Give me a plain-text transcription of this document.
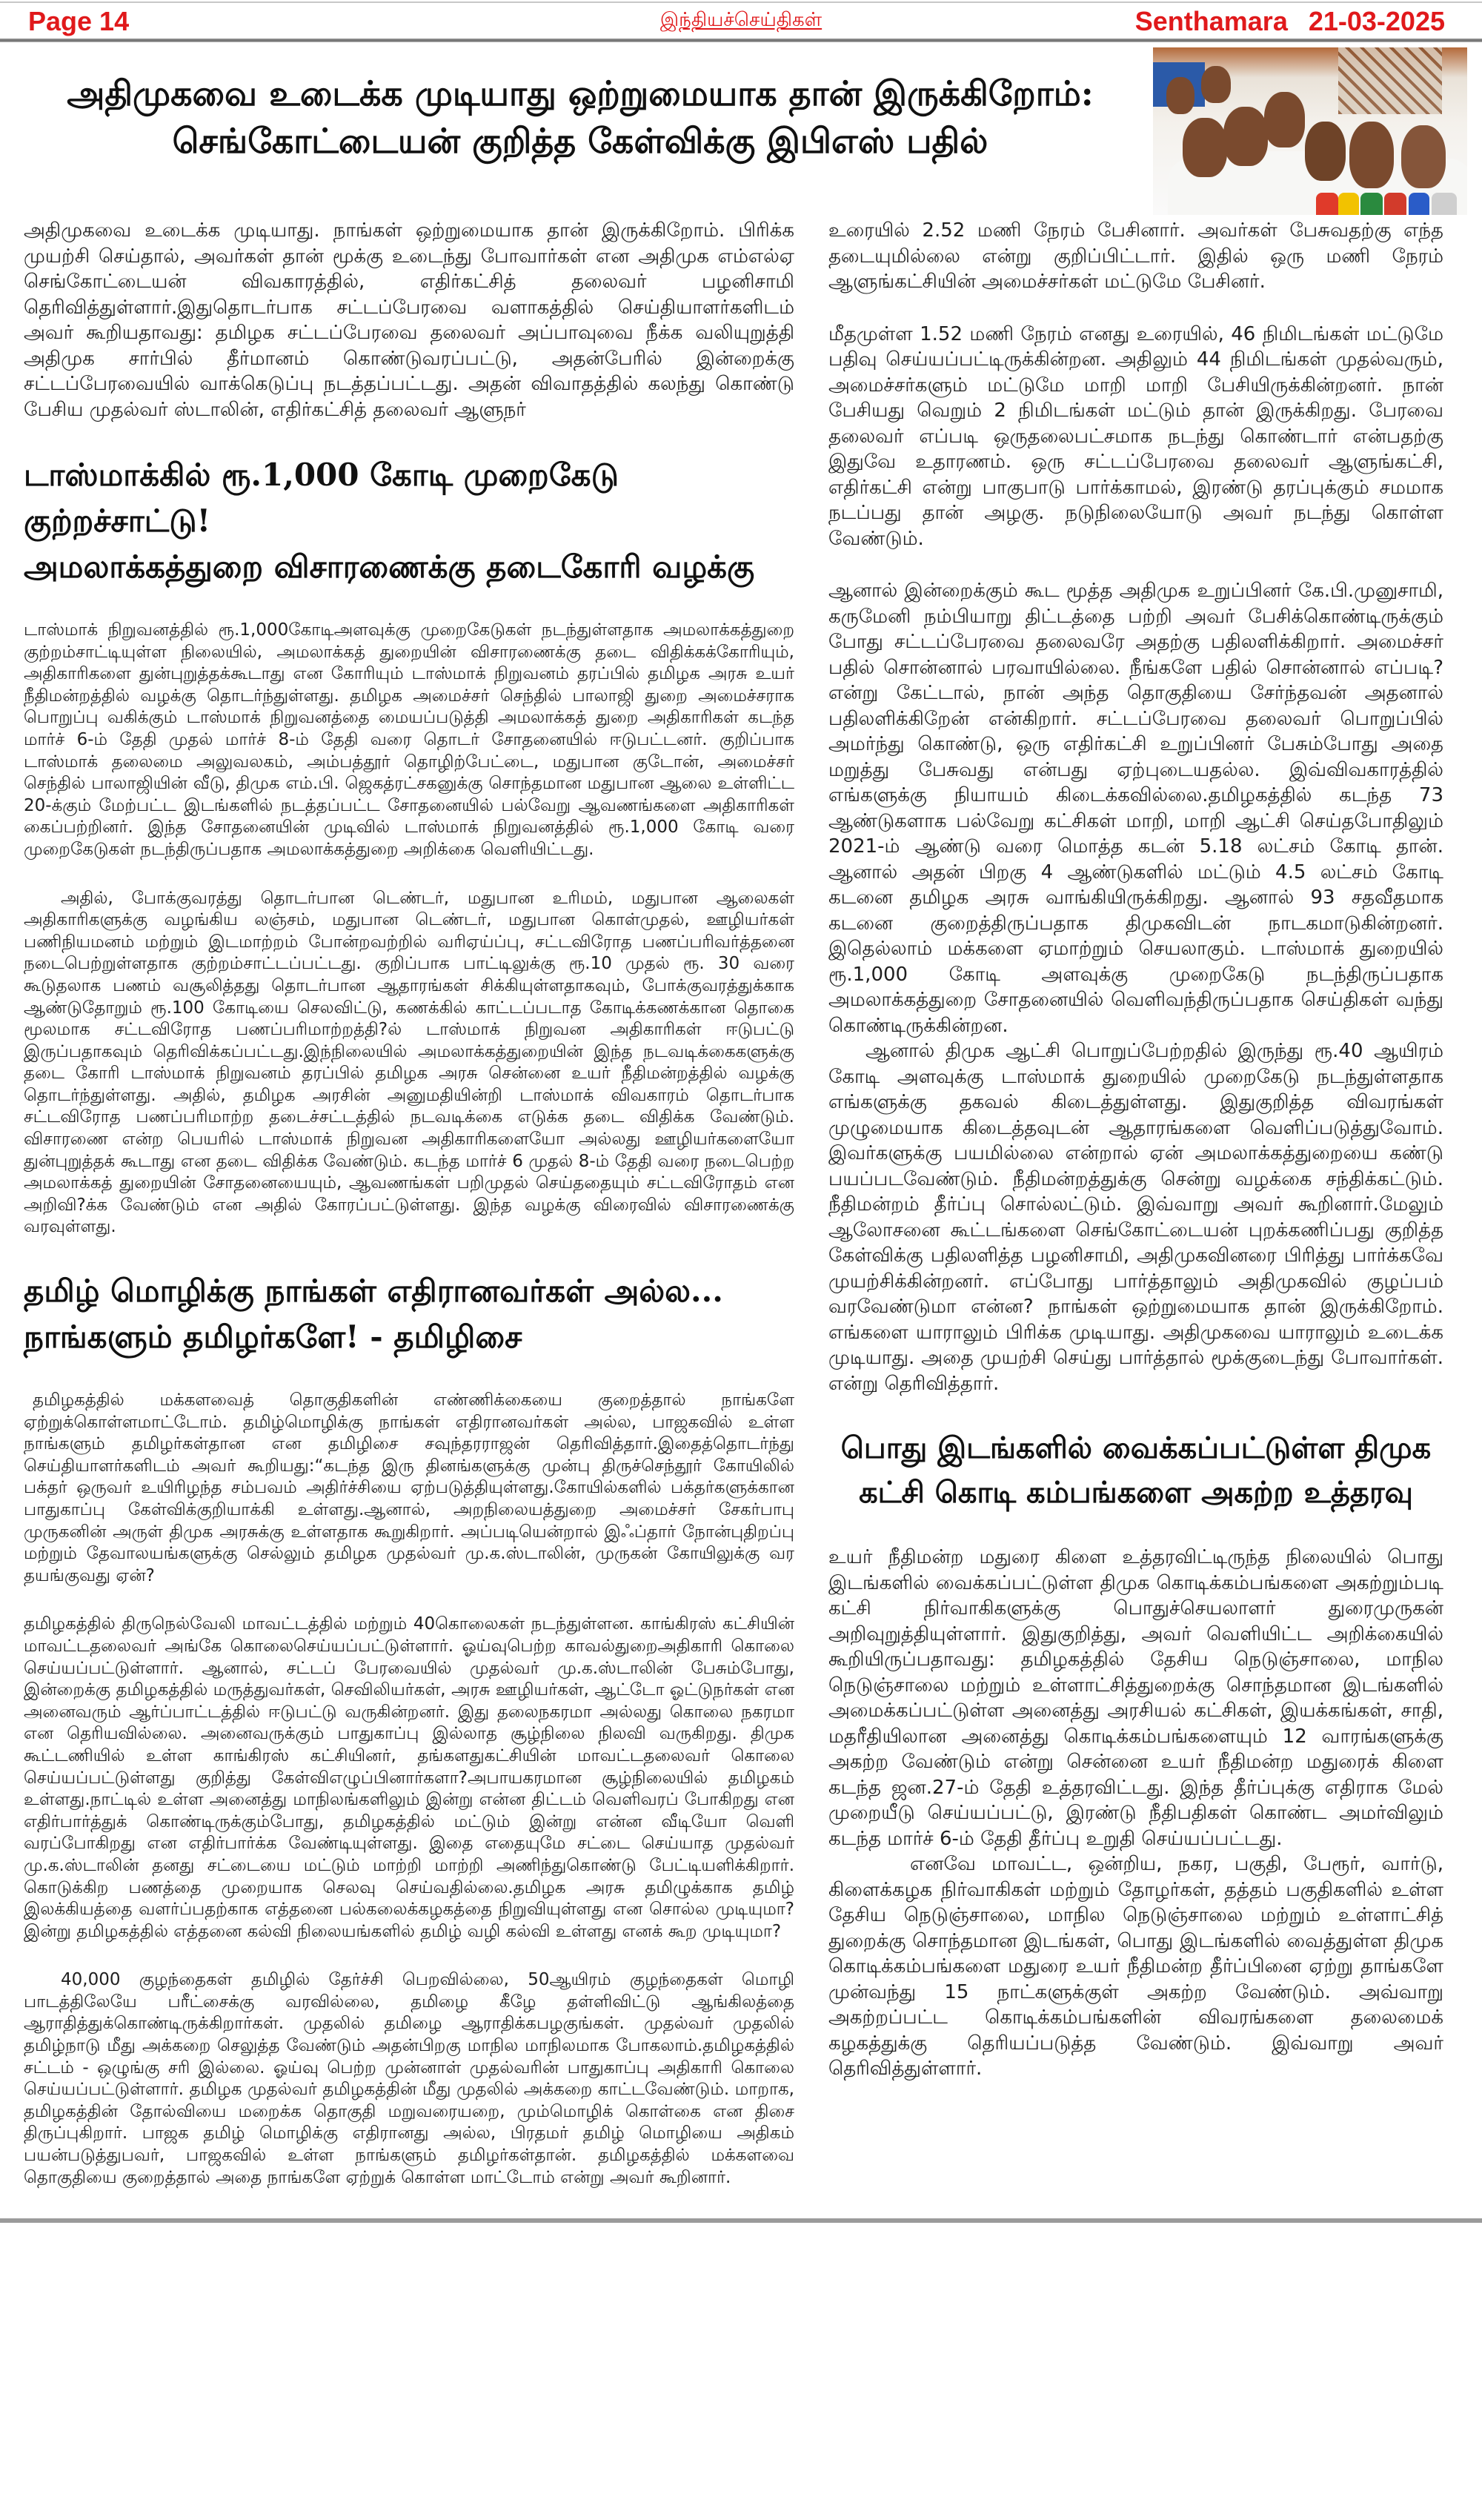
Page 14	இந்தியச்செய்திகள்	Senthamara 21-03-2025
அதிமுகவை உடைக்க முடியாது ஒற்றுமையாக தான் இருக்கிறோம்:
செங்கோட்டையன் குறித்த கேள்விக்கு இபிஎஸ் பதில்

அதிமுகவை உடைக்க முடியாது. நாங்கள் ஒற்றுமையாக தான் இருக்கிறோம். பிரிக்க முயற்சி செய்தால், அவர்கள் தான் மூக்கு உடைந்து போவார்கள் என அதிமுக எம்எல்ஏ செங்கோட்டையன் விவகாரத்தில், எதிர்கட்சித் தலைவர் பழனிசாமி தெரிவித்துள்ளார்.இதுதொடர்பாக சட்டப்பேரவை வளாகத்தில் செய்தியாளர்களிடம் அவர் கூறியதாவது: தமிழக சட்டப்பேரவை தலைவர் அப்பாவுவை நீக்க வலியுறுத்தி அதிமுக சார்பில் தீர்மானம் கொண்டுவரப்பட்டு, அதன்பேரில் இன்றைக்கு சட்டப்பேரவையில் வாக்கெடுப்பு நடத்தப்பட்டது. அதன் விவாதத்தில் கலந்து கொண்டு பேசிய முதல்வர் ஸ்டாலின், எதிர்கட்சித் தலைவர் ஆளுநர்

டாஸ்மாக்கில் ரூ.1,000 கோடி முறைகேடு குற்றச்சாட்டு!
அமலாக்கத்துறை விசாரணைக்கு தடைகோரி வழக்கு

டாஸ்மாக் நிறுவனத்தில் ரூ.1,000கோடிஅளவுக்கு முறைகேடுகள் நடந்துள்ளதாக அமலாக்கத்துறை குற்றம்சாட்டியுள்ள நிலையில், அமலாக்கத் துறையின் விசாரணைக்கு தடை விதிக்கக்கோரியும், அதிகாரிகளை துன்புறுத்தக்கூடாது என கோரியும் டாஸ்மாக் நிறுவனம் தரப்பில் தமிழக அரசு உயர் நீதிமன்றத்தில் வழக்கு தொடர்ந்துள்ளது. தமிழக அமைச்சர் செந்தில் பாலாஜி துறை அமைச்சராக பொறுப்பு வகிக்கும் டாஸ்மாக் நிறுவனத்தை மையப்படுத்தி அமலாக்கத் துறை அதிகாரிகள் கடந்த மார்ச் 6-ம் தேதி முதல் மார்ச் 8-ம் தேதி வரை தொடர் சோதனையில் ஈடுபட்டனர். குறிப்பாக டாஸ்மாக் தலைமை அலுவலகம், அம்பத்தூர் தொழிற்பேட்டை, மதுபான குடோன், அமைச்சர் செந்தில் பாலாஜியின் வீடு, திமுக எம்.பி. ஜெகத்ரட்சகனுக்கு சொந்தமான மதுபான ஆலை உள்ளிட்ட 20-க்கும் மேற்பட்ட இடங்களில் நடத்தப்பட்ட சோதனையில் பல்வேறு ஆவணங்களை அதிகாரிகள் கைப்பற்றினர். இந்த சோதனையின் முடிவில் டாஸ்மாக் நிறுவனத்தில் ரூ.1,000 கோடி வரை முறைகேடுகள் நடந்திருப்பதாக அமலாக்கத்துறை அறிக்கை வெளியிட்டது.

அதில், போக்குவரத்து தொடர்பான டெண்டர், மதுபான உரிமம், மதுபான ஆலைகள் அதிகாரிகளுக்கு வழங்கிய லஞ்சம், மதுபான டெண்டர், மதுபான கொள்முதல், ஊழியர்கள் பணிநியமனம் மற்றும் இடமாற்றம் போன்றவற்றில் வரிஏய்ப்பு, சட்டவிரோத பணப்பரிவர்த்தனை நடைபெற்றுள்ளதாக குற்றம்சாட்டப்பட்டது. குறிப்பாக பாட்டிலுக்கு ரூ.10 முதல் ரூ. 30 வரை கூடுதலாக பணம் வசூலித்தது தொடர்பான ஆதாரங்கள் சிக்கியுள்ளதாகவும், போக்குவரத்துக்காக ஆண்டுதோறும் ரூ.100 கோடியை செலவிட்டு, கணக்கில் காட்டப்படாத கோடிக்கணக்கான தொகை மூலமாக சட்டவிரோத பணப்பரிமாற்றத்தி?ல் டாஸ்மாக் நிறுவன அதிகாரிகள் ஈடுபட்டு இருப்பதாகவும் தெரிவிக்கப்பட்டது.இந்நிலையில் அமலாக்கத்துறையின் இந்த நடவடிக்கைகளுக்கு தடை கோரி டாஸ்மாக் நிறுவனம் தரப்பில் தமிழக அரசு சென்னை உயர் நீதிமன்றத்தில் வழக்கு தொடர்ந்துள்ளது. அதில், தமிழக அரசின் அனுமதியின்றி டாஸ்மாக் விவகாரம் தொடர்பாக சட்டவிரோத பணப்பரிமாற்ற தடைச்சட்டத்தில் நடவடிக்கை எடுக்க தடை விதிக்க வேண்டும். விசாரணை என்ற பெயரில் டாஸ்மாக் நிறுவன அதிகாரிகளையோ அல்லது ஊழியர்களையோ துன்புறுத்தக் கூடாது என தடை விதிக்க வேண்டும். கடந்த மார்ச் 6 முதல் 8-ம் தேதி வரை நடைபெற்ற அமலாக்கத் துறையின் சோதனையையும், ஆவணங்கள் பறிமுதல் செய்ததையும் சட்டவிரோதம் என அறிவி?க்க வேண்டும் என அதில் கோரப்பட்டுள்ளது. இந்த வழக்கு விரைவில் விசாரணைக்கு வரவுள்ளது.

தமிழ் மொழிக்கு நாங்கள் எதிரானவர்கள் அல்ல...
நாங்களும் தமிழர்களே! - தமிழிசை

தமிழகத்தில் மக்களவைத் தொகுதிகளின் எண்ணிக்கையை குறைத்தால் நாங்களே ஏற்றுக்கொள்ளமாட்டோம். தமிழ்மொழிக்கு நாங்கள் எதிரானவர்கள் அல்ல, பாஜகவில் உள்ள நாங்களும் தமிழர்கள்தான என தமிழிசை சவுந்தரராஜன் தெரிவித்தார்.இதைத்தொடர்ந்து செய்தியாளர்களிடம் அவர் கூறியது:“கடந்த இரு தினங்களுக்கு முன்பு திருச்செந்தூர் கோயிலில் பக்தர் ஒருவர் உயிரிழந்த சம்பவம் அதிர்ச்சியை ஏற்படுத்தியுள்ளது.கோயில்களில் பக்தர்களுக்கான பாதுகாப்பு கேள்விக்குறியாக்கி உள்ளது.ஆனால், அறநிலையத்துறை அமைச்சர் சேகர்பாபு முருகனின் அருள் திமுக அரசுக்கு உள்ளதாக கூறுகிறார். அப்படியென்றால் இஃப்தார் நோன்புதிறப்பு மற்றும் தேவாலயங்களுக்கு செல்லும் தமிழக முதல்வர் மு.க.ஸ்டாலின், முருகன் கோயிலுக்கு வர தயங்குவது ஏன்?

தமிழகத்தில் திருநெல்வேலி மாவட்டத்தில் மற்றும் 40கொலைகள் நடந்துள்ளன. காங்கிரஸ் கட்சியின் மாவட்டதலைவர் அங்கே கொலைசெய்யப்பட்டுள்ளார். ஓய்வுபெற்ற காவல்துறைஅதிகாரி கொலை செய்யப்பட்டுள்ளார். ஆனால், சட்டப் பேரவையில் முதல்வர் மு.க.ஸ்டாலின் பேசும்போது, இன்றைக்கு தமிழகத்தில் மருத்துவர்கள், செவிலியர்கள், அரசு ஊழியர்கள், ஆட்டோ ஓட்டுநர்கள் என அனைவரும் ஆர்ப்பாட்டத்தில் ஈடுபட்டு வருகின்றனர். இது தலைநகரமா அல்லது கொலை நகரமா என தெரியவில்லை. அனைவருக்கும் பாதுகாப்பு இல்லாத சூழ்நிலை நிலவி வருகிறது. திமுக கூட்டணியில் உள்ள காங்கிரஸ் கட்சியினர், தங்களதுகட்சியின் மாவட்டதலைவர் கொலை செய்யப்பட்டுள்ளது குறித்து கேள்விஎழுப்பினார்களா?அபாயகரமான சூழ்நிலையில் தமிழகம் உள்ளது.நாட்டில் உள்ள அனைத்து மாநிலங்களிலும் இன்று என்ன திட்டம் வெளிவரப் போகிறது என எதிர்பார்த்துக் கொண்டிருக்கும்போது, தமிழகத்தில் மட்டும் இன்று என்ன வீடியோ வெளி வரப்போகிறது என எதிர்பார்க்க வேண்டியுள்ளது. இதை எதையுமே சட்டை செய்யாத முதல்வர் மு.க.ஸ்டாலின் தனது சட்டையை மட்டும் மாற்றி மாற்றி அணிந்துகொண்டு பேட்டியளிக்கிறார். கொடுக்கிற பணத்தை முறையாக செலவு செய்வதில்லை.தமிழக அரசு தமிழுக்காக தமிழ் இலக்கியத்தை வளர்ப்பதற்காக எத்தனை பல்கலைக்கழகத்தை நிறுவியுள்ளது என சொல்ல முடியுமா? இன்று தமிழகத்தில் எத்தனை கல்வி நிலையங்களில் தமிழ் வழி கல்வி உள்ளது எனக் கூற முடியுமா?

40,000 குழந்தைகள் தமிழில் தேர்ச்சி பெறவில்லை, 50ஆயிரம் குழந்தைகள் மொழி பாடத்திலேயே பரீட்சைக்கு வரவில்லை, தமிழை கீழே தள்ளிவிட்டு ஆங்கிலத்தை ஆராதித்துக்கொண்டிருக்கிறார்கள். முதலில் தமிழை ஆராதிக்கபழகுங்கள். முதல்வர் முதலில் தமிழ்நாடு மீது அக்கறை செலுத்த வேண்டும் அதன்பிறகு மாநில மாநிலமாக போகலாம்.தமிழகத்தில் சட்டம் - ஒழுங்கு சரி இல்லை. ஓய்வு பெற்ற முன்னாள் முதல்வரின் பாதுகாப்பு அதிகாரி கொலை செய்யப்பட்டுள்ளார். தமிழக முதல்வர் தமிழகத்தின் மீது முதலில் அக்கறை காட்டவேண்டும். மாறாக, தமிழகத்தின் தோல்வியை மறைக்க தொகுதி மறுவரையறை, மும்மொழிக் கொள்கை என திசை திருப்புகிறார். பாஜக தமிழ் மொழிக்கு எதிரானது அல்ல, பிரதமர் தமிழ் மொழியை அதிகம் பயன்படுத்துபவர், பாஜகவில் உள்ள நாங்களும் தமிழர்கள்தான். தமிழகத்தில் மக்களவை தொகுதியை குறைத்தால் அதை நாங்களே ஏற்றுக் கொள்ள மாட்டோம் என்று அவர் கூறினார்.

உரையில் 2.52 மணி நேரம் பேசினார். அவர்கள் பேசுவதற்கு எந்த தடையுமில்லை என்று குறிப்பிட்டார். இதில் ஒரு மணி நேரம் ஆளுங்கட்சியின் அமைச்சர்கள் மட்டுமே பேசினர்.

மீதமுள்ள 1.52 மணி நேரம் எனது உரையில், 46 நிமிடங்கள் மட்டுமே பதிவு செய்யப்பட்டிருக்கின்றன. அதிலும் 44 நிமிடங்கள் முதல்வரும், அமைச்சர்களும் மட்டுமே மாறி மாறி பேசியிருக்கின்றனர். நான் பேசியது வெறும் 2 நிமிடங்கள் மட்டும் தான் இருக்கிறது. பேரவை தலைவர் எப்படி ஒருதலைபட்சமாக நடந்து கொண்டார் என்பதற்கு இதுவே உதாரணம். ஒரு சட்டப்பேரவை தலைவர் ஆளுங்கட்சி, எதிர்கட்சி என்று பாகுபாடு பார்க்காமல், இரண்டு தரப்புக்கும் சமமாக நடப்பது தான் அழகு. நடுநிலையோடு அவர் நடந்து கொள்ள வேண்டும்.

ஆனால் இன்றைக்கும் கூட மூத்த அதிமுக உறுப்பினர் கே.பி.முனுசாமி, கருமேனி நம்பியாறு திட்டத்தை பற்றி அவர் பேசிக்கொண்டிருக்கும் போது சட்டப்பேரவை தலைவரே அதற்கு பதிலளிக்கிறார். அமைச்சர் பதில் சொன்னால் பரவாயில்லை. நீங்களே பதில் சொன்னால் எப்படி? என்று கேட்டால், நான் அந்த தொகுதியை சேர்ந்தவன் அதனால் பதிலளிக்கிறேன் என்கிறார். சட்டப்பேரவை தலைவர் பொறுப்பில் அமர்ந்து கொண்டு, ஒரு எதிர்கட்சி உறுப்பினர் பேசும்போது அதை மறுத்து பேசுவது என்பது ஏற்புடையதல்ல. இவ்விவகாரத்தில் எங்களுக்கு நியாயம் கிடைக்கவில்லை.தமிழகத்தில் கடந்த 73 ஆண்டுகளாக பல்வேறு கட்சிகள் மாறி, மாறி ஆட்சி செய்தபோதிலும் 2021-ம் ஆண்டு வரை மொத்த கடன் 5.18 லட்சம் கோடி தான். ஆனால் அதன் பிறகு 4 ஆண்டுகளில் மட்டும் 4.5 லட்சம் கோடி கடனை தமிழக அரசு வாங்கியிருக்கிறது. ஆனால் 93 சதவீதமாக கடனை குறைத்திருப்பதாக திமுகவிடன் நாடகமாடுகின்றனர். இதெல்லாம் மக்களை ஏமாற்றும் செயலாகும். டாஸ்மாக் துறையில் ரூ.1,000 கோடி அளவுக்கு முறைகேடு நடந்திருப்பதாக அமலாக்கத்துறை சோதனையில் வெளிவந்திருப்பதாக செய்திகள் வந்து கொண்டிருக்கின்றன.

ஆனால் திமுக ஆட்சி பொறுப்பேற்றதில் இருந்து ரூ.40 ஆயிரம் கோடி அளவுக்கு டாஸ்மாக் துறையில் முறைகேடு நடந்துள்ளதாக எங்களுக்கு தகவல் கிடைத்துள்ளது. இதுகுறித்த விவரங்கள் முழுமையாக கிடைத்தவுடன் ஆதாரங்களை வெளிப்படுத்துவோம். இவர்களுக்கு பயமில்லை என்றால் ஏன் அமலாக்கத்துறையை கண்டு பயப்படவேண்டும். நீதிமன்றத்துக்கு சென்று வழக்கை சந்திக்கட்டும். நீதிமன்றம் தீர்ப்பு சொல்லட்டும். இவ்வாறு அவர் கூறினார்.மேலும் ஆலோசனை கூட்டங்களை செங்கோட்டையன் புறக்கணிப்பது குறித்த கேள்விக்கு பதிலளித்த பழனிசாமி, அதிமுகவினரை பிரித்து பார்க்கவே முயற்சிக்கின்றனர். எப்போது பார்த்தாலும் அதிமுகவில் குழப்பம் வரவேண்டுமா என்ன? நாங்கள் ஒற்றுமையாக தான் இருக்கிறோம். எங்களை யாராலும் பிரிக்க முடியாது. அதிமுகவை யாராலும் உடைக்க முடியாது. அதை முயற்சி செய்து பார்த்தால் மூக்குடைந்து போவார்கள். என்று தெரிவித்தார்.

பொது இடங்களில் வைக்கப்பட்டுள்ள திமுக
கட்சி கொடி கம்பங்களை அகற்ற உத்தரவு

உயர் நீதிமன்ற மதுரை கிளை உத்தரவிட்டிருந்த நிலையில் பொது இடங்களில் வைக்கப்பட்டுள்ள திமுக கொடிக்கம்பங்களை அகற்றும்படி கட்சி நிர்வாகிகளுக்கு பொதுச்செயலாளர் துரைமுருகன் அறிவுறுத்தியுள்ளார். இதுகுறித்து, அவர் வெளியிட்ட அறிக்கையில் கூறியிருப்பதாவது: தமிழகத்தில் தேசிய நெடுஞ்சாலை, மாநில நெடுஞ்சாலை மற்றும் உள்ளாட்சித்துறைக்கு சொந்தமான இடங்களில் அமைக்கப்பட்டுள்ள அனைத்து அரசியல் கட்சிகள், இயக்கங்கள், சாதி, மதரீதியிலான அனைத்து கொடிக்கம்பங்களையும் 12 வாரங்களுக்கு அகற்ற வேண்டும் என்று சென்னை உயர் நீதிமன்ற மதுரைக் கிளை கடந்த ஜன.27-ம் தேதி உத்தரவிட்டது. இந்த தீர்ப்புக்கு எதிராக மேல் முறையீடு செய்யப்பட்டு, இரண்டு நீதிபதிகள் கொண்ட அமர்விலும் கடந்த மார்ச் 6-ம் தேதி தீர்ப்பு உறுதி செய்யப்பட்டது.

எனவே மாவட்ட, ஒன்றிய, நகர, பகுதி, பேரூர், வார்டு, கிளைக்கழக நிர்வாகிகள் மற்றும் தோழர்கள், தத்தம் பகுதிகளில் உள்ள தேசிய நெடுஞ்சாலை, மாநில நெடுஞ்சாலை மற்றும் உள்ளாட்சித் துறைக்கு சொந்தமான இடங்கள், பொது இடங்களில் வைத்துள்ள திமுக கொடிக்கம்பங்களை மதுரை உயர் நீதிமன்ற தீர்ப்பினை ஏற்று தாங்களே முன்வந்து 15 நாட்களுக்குள் அகற்ற வேண்டும். அவ்வாறு அகற்றப்பட்ட கொடிக்கம்பங்களின் விவரங்களை தலைமைக் கழகத்துக்கு தெரியப்படுத்த வேண்டும். இவ்வாறு அவர் தெரிவித்துள்ளார்.
